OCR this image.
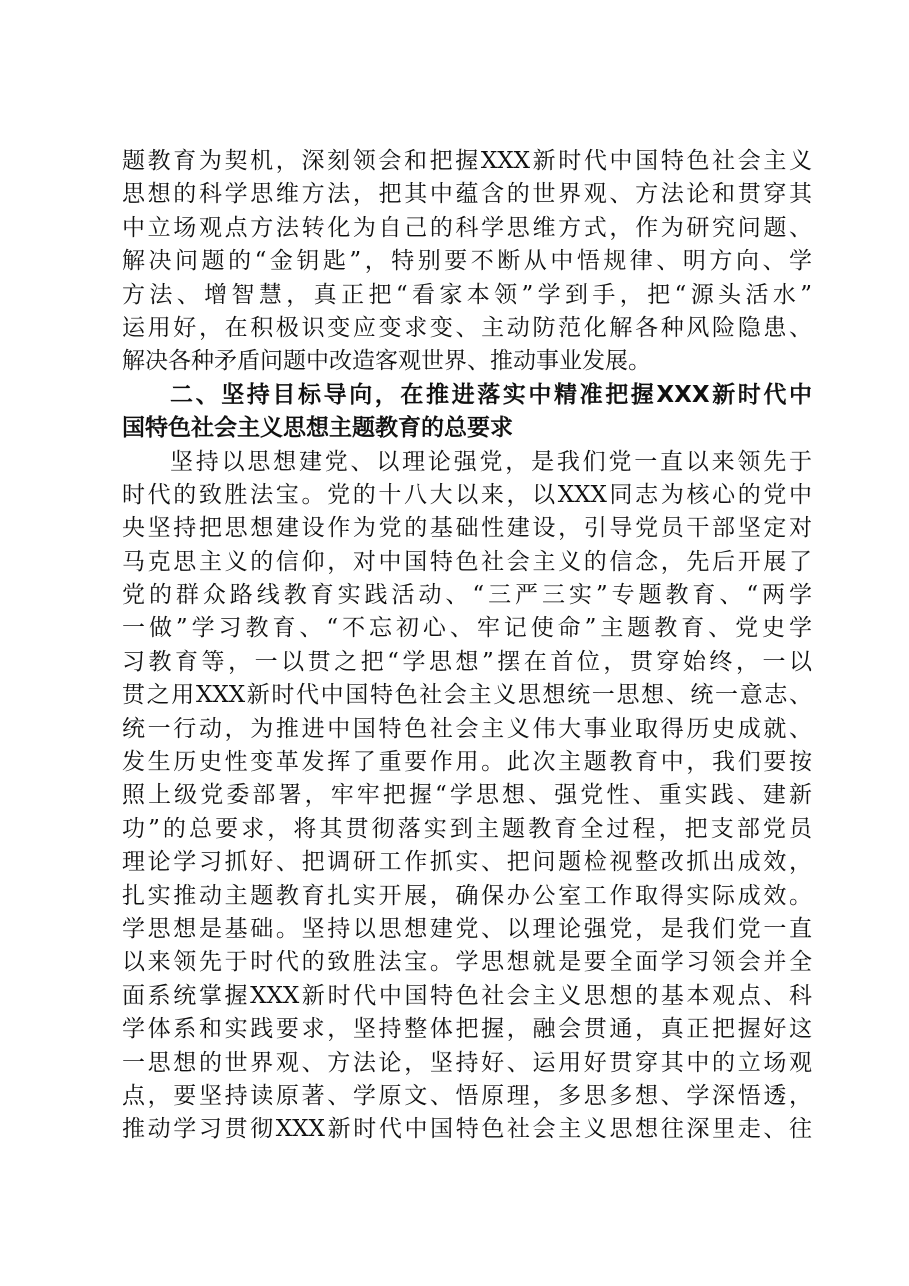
题教育为契机，深刻领会和把握XXX新时代中国特色社会主义
思想的科学思维方法，把其中蕴含的世界观、方法论和贯穿其
中立场观点方法转化为自己的科学思维方式，作为研究问题、
解决问题的“金钥匙”，特别要不断从中悟规律、明方向、学
方法、增智慧，真正把“看家本领”学到手，把“源头活水”
运用好，在积极识变应变求变、主动防范化解各种风险隐患、
解决各种矛盾问题中改造客观世界、推动事业发展。
二、坚持目标导向，在推进落实中精准把握XXX新时代中
国特色社会主义思想主题教育的总要求
坚持以思想建党、以理论强党，是我们党一直以来领先于
时代的致胜法宝。党的十八大以来，以XXX同志为核心的党中
央坚持把思想建设作为党的基础性建设，引导党员干部坚定对
马克思主义的信仰，对中国特色社会主义的信念，先后开展了
党的群众路线教育实践活动、“三严三实”专题教育、“两学
一做”学习教育、“不忘初心、牢记使命”主题教育、党史学
习教育等，一以贯之把“学思想”摆在首位，贯穿始终，一以
贯之用XXX新时代中国特色社会主义思想统一思想、统一意志、
统一行动，为推进中国特色社会主义伟大事业取得历史成就、
发生历史性变革发挥了重要作用。此次主题教育中，我们要按
照上级党委部署，牢牢把握“学思想、强党性、重实践、建新
功”的总要求，将其贯彻落实到主题教育全过程，把支部党员
理论学习抓好、把调研工作抓实、把问题检视整改抓出成效，
扎实推动主题教育扎实开展，确保办公室工作取得实际成效。
学思想是基础。坚持以思想建党、以理论强党，是我们党一直
以来领先于时代的致胜法宝。学思想就是要全面学习领会并全
面系统掌握XXX新时代中国特色社会主义思想的基本观点、科
学体系和实践要求，坚持整体把握，融会贯通，真正把握好这
一思想的世界观、方法论，坚持好、运用好贯穿其中的立场观
点，要坚持读原著、学原文、悟原理，多思多想、学深悟透，
推动学习贯彻XXX新时代中国特色社会主义思想往深里走、往
